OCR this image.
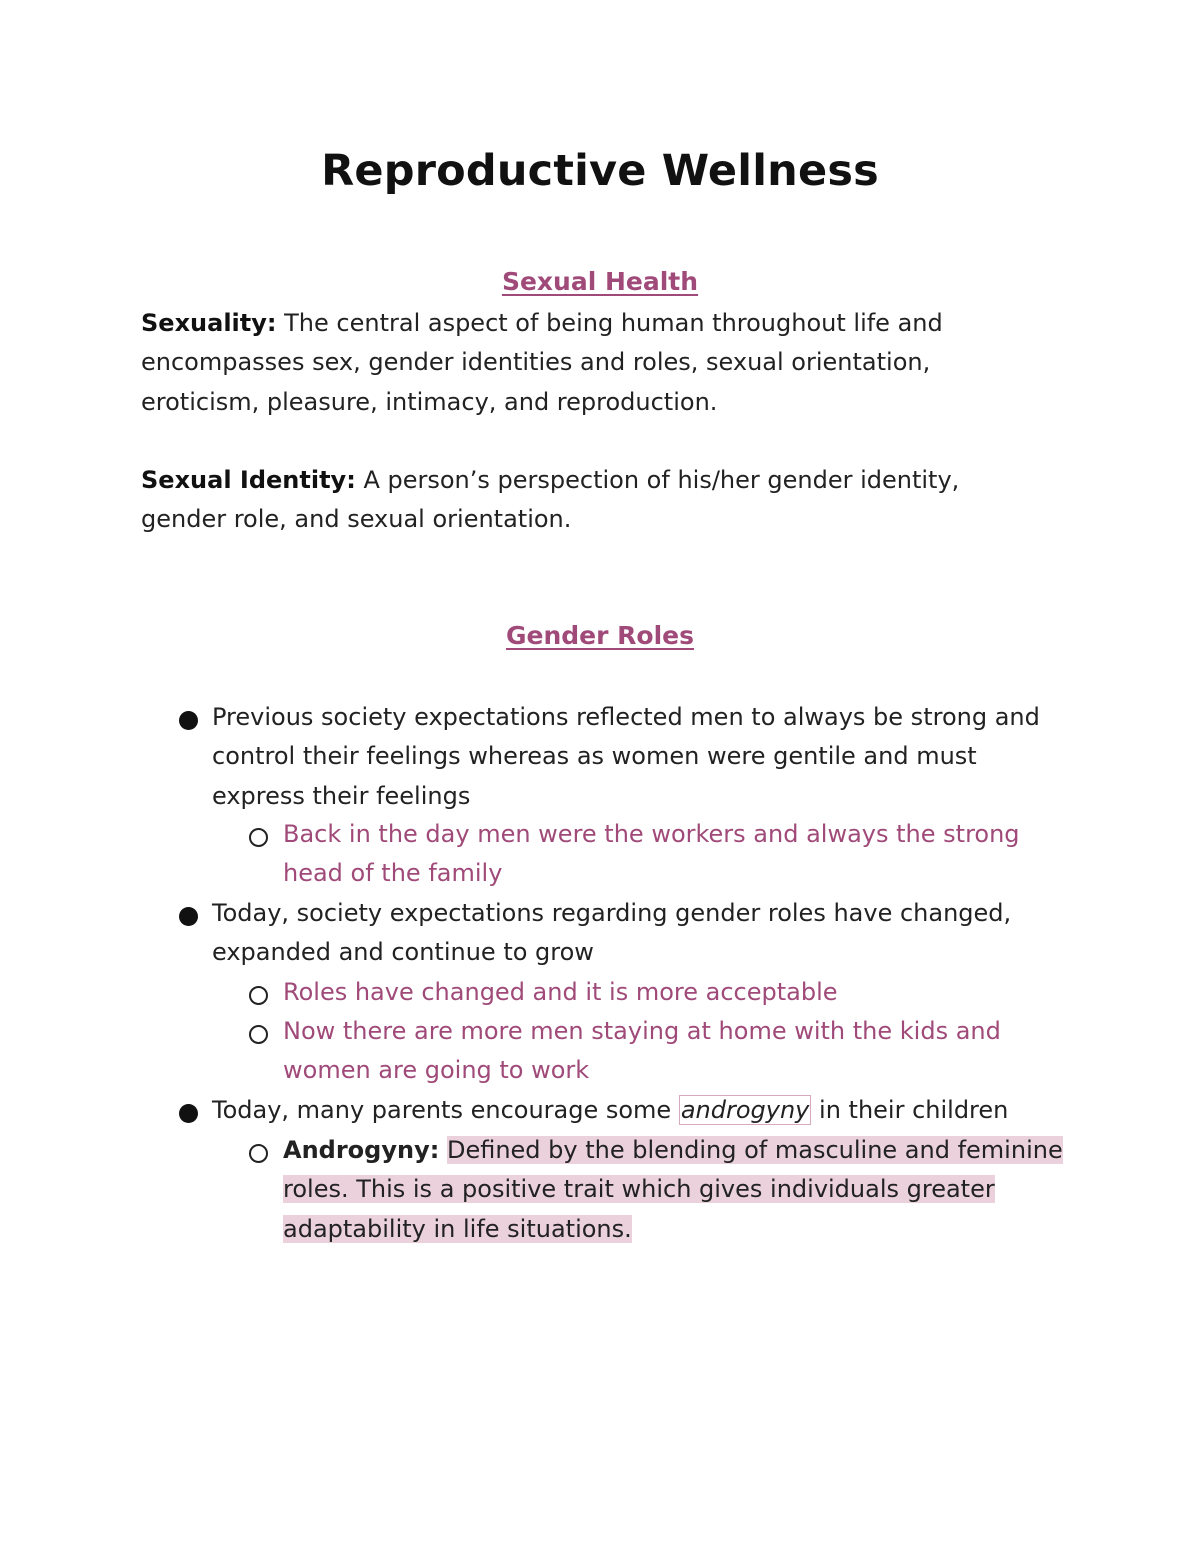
Reproductive Wellness
Sexual Health

Sexuality: The central aspect of being human throughout life and encompasses sex, gender identities and roles, sexual orientation, eroticism, pleasure, intimacy, and reproduction.

Sexual Identity: A person’s perspection of his/her gender identity, gender role, and sexual orientation.

Gender Roles
Previous society expectations reflected men to always be strong and control their feelings whereas as women were gentile and must express their feelings
Back in the day men were the workers and always the strong head of the family
Today, society expectations regarding gender roles have changed, expanded and continue to grow
Roles have changed and it is more acceptable
Now there are more men staying at home with the kids and women are going to work
Today, many parents encourage some androgyny in their children
Androgyny: Defined by the blending of masculine and feminine roles. This is a positive trait which gives individuals greater adaptability in life situations.
